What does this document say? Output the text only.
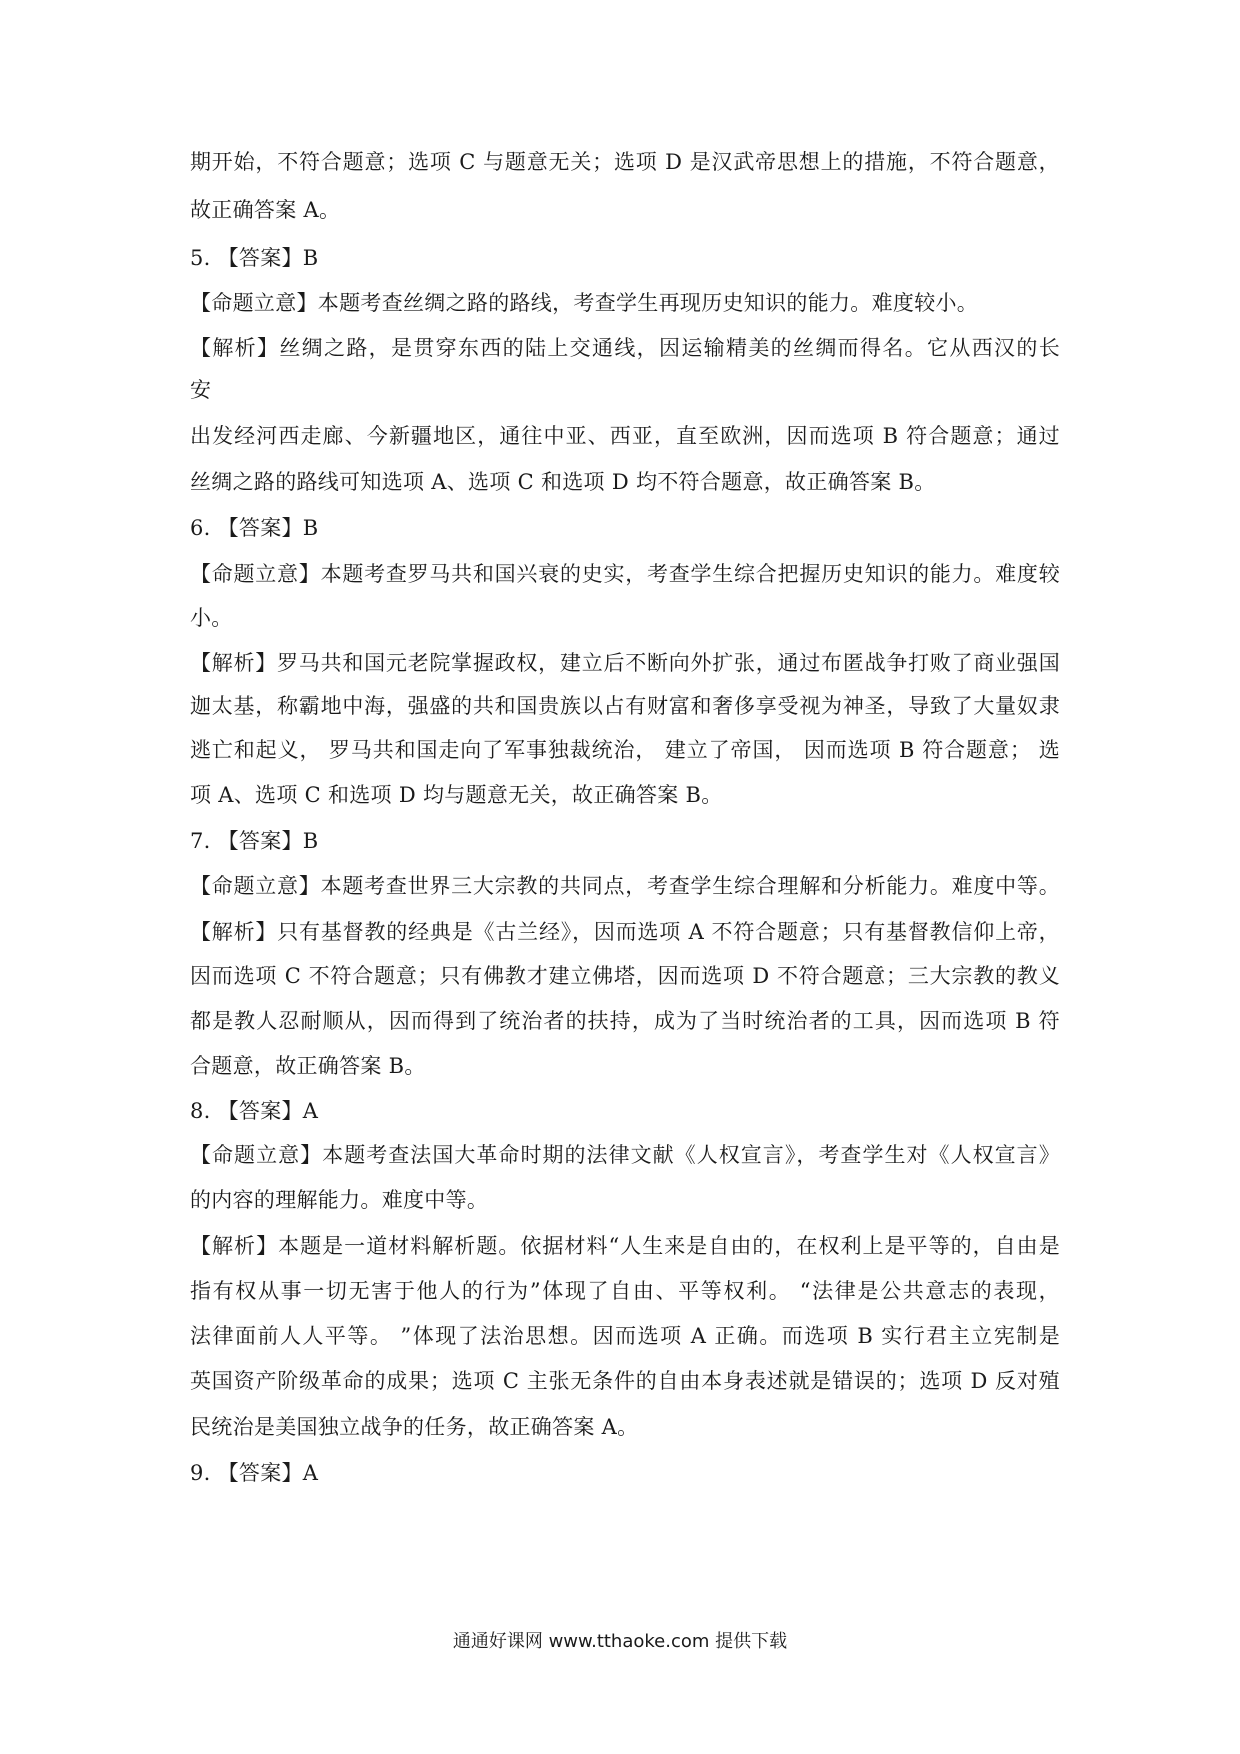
期开始，不符合题意；选项 C 与题意无关；选项 D 是汉武帝思想上的措施，不符合题意，
故正确答案 A。
5. 【答案】B
【命题立意】本题考查丝绸之路的路线，考查学生再现历史知识的能力。难度较小。
【解析】丝绸之路，是贯穿东西的陆上交通线，因运输精美的丝绸而得名。它从西汉的长
安
出发经河西走廊、今新疆地区，通往中亚、西亚，直至欧洲，因而选项 B 符合题意；通过
丝绸之路的路线可知选项 A、选项 C 和选项 D 均不符合题意，故正确答案 B。
6. 【答案】B
【命题立意】本题考查罗马共和国兴衰的史实，考查学生综合把握历史知识的能力。难度较
小。
【解析】罗马共和国元老院掌握政权，建立后不断向外扩张，通过布匿战争打败了商业强国
迦太基，称霸地中海，强盛的共和国贵族以占有财富和奢侈享受视为神圣，导致了大量奴隶
逃亡和起义， 罗马共和国走向了军事独裁统治， 建立了帝国， 因而选项 B 符合题意； 选
项 A、选项 C 和选项 D 均与题意无关，故正确答案 B。
7. 【答案】B
【命题立意】本题考查世界三大宗教的共同点，考查学生综合理解和分析能力。难度中等。
【解析】只有基督教的经典是《古兰经》，因而选项 A 不符合题意；只有基督教信仰上帝，
因而选项 C 不符合题意；只有佛教才建立佛塔，因而选项 D 不符合题意；三大宗教的教义
都是教人忍耐顺从，因而得到了统治者的扶持，成为了当时统治者的工具，因而选项 B 符
合题意，故正确答案 B。
8. 【答案】A
【命题立意】本题考查法国大革命时期的法律文献《人权宣言》，考查学生对《人权宣言》
的内容的理解能力。难度中等。
【解析】本题是一道材料解析题。依据材料“人生来是自由的，在权利上是平等的，自由是
指有权从事一切无害于他人的行为”体现了自由、平等权利。 “法律是公共意志的表现，
法律面前人人平等。 ”体现了法治思想。因而选项 A 正确。而选项 B 实行君主立宪制是
英国资产阶级革命的成果；选项 C 主张无条件的自由本身表述就是错误的；选项 D 反对殖
民统治是美国独立战争的任务，故正确答案 A。
9. 【答案】A
通通好课网 www.tthaoke.com 提供下载
